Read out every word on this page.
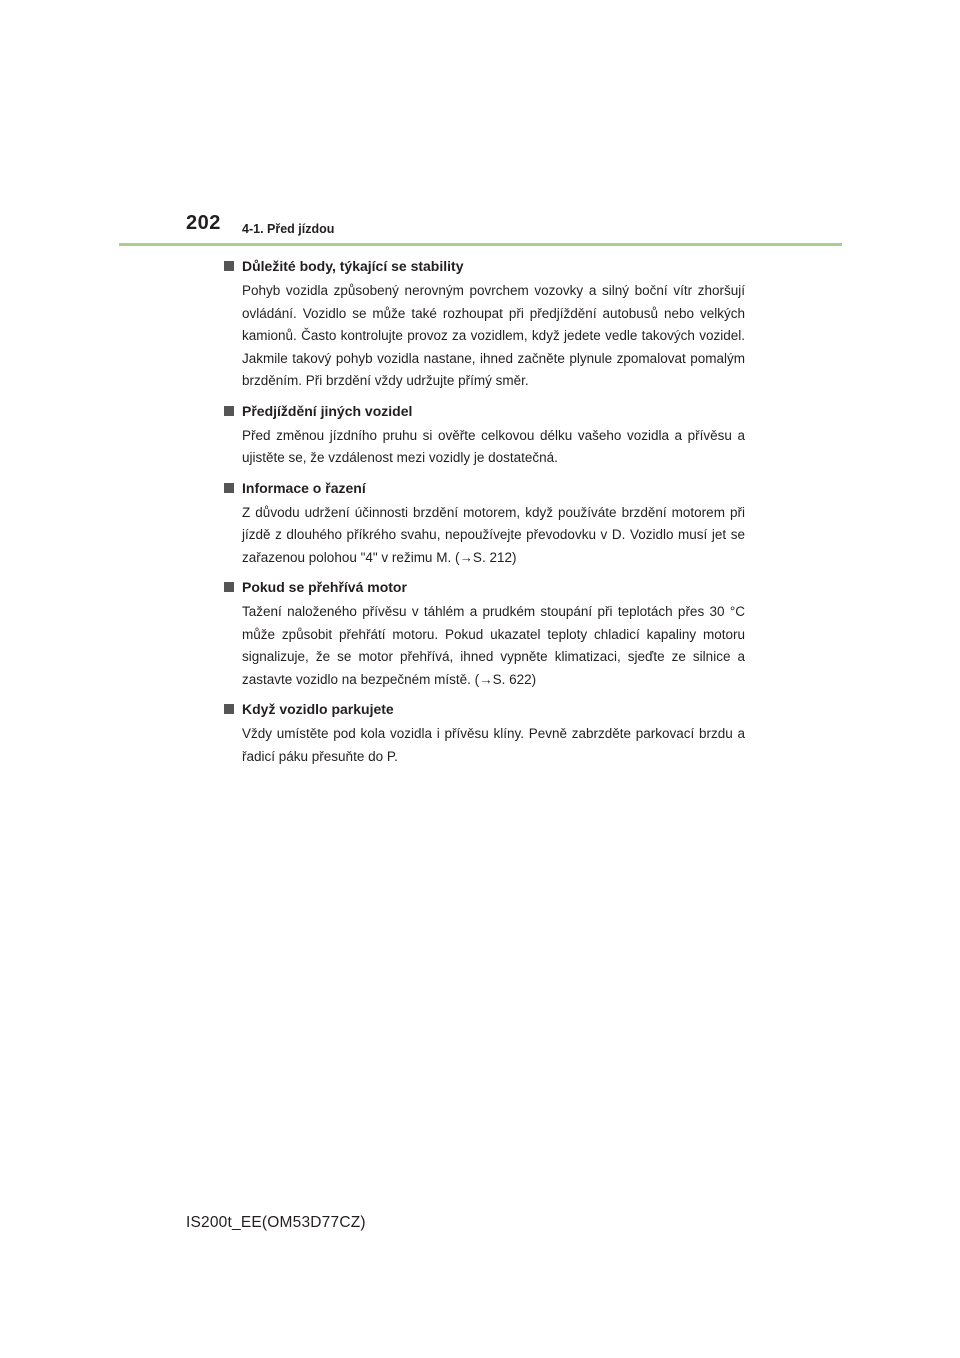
202 4-1. Před jízdou
Důležité body, týkající se stability
Pohyb vozidla způsobený nerovným povrchem vozovky a silný boční vítr zhoršují ovládání. Vozidlo se může také rozhoupat při předjíždění autobusů nebo velkých kamionů. Často kontrolujte provoz za vozidlem, když jedete vedle takových vozidel. Jakmile takový pohyb vozidla nastane, ihned začněte plynule zpomalovat pomalým brzděním. Při brzdění vždy udržujte přímý směr.
Předjíždění jiných vozidel
Před změnou jízdního pruhu si ověřte celkovou délku vašeho vozidla a přívěsu a ujistěte se, že vzdálenost mezi vozidly je dostatečná.
Informace o řazení
Z důvodu udržení účinnosti brzdění motorem, když používáte brzdění motorem při jízdě z dlouhého příkrého svahu, nepoužívejte převodovku v D. Vozidlo musí jet se zařazenou polohou "4" v režimu M. (→S. 212)
Pokud se přehřívá motor
Tažení naloženého přívěsu v táhlém a prudkém stoupání při teplotách přes 30 °C může způsobit přehřátí motoru. Pokud ukazatel teploty chladicí kapaliny motoru signalizuje, že se motor přehřívá, ihned vypněte klimatizaci, sjeďte ze silnice a zastavte vozidlo na bezpečném místě. (→S. 622)
Když vozidlo parkujete
Vždy umístěte pod kola vozidla i přívěsu klíny. Pevně zabrzděte parkovací brzdu a řadicí páku přesuňte do P.
IS200t_EE(OM53D77CZ)
